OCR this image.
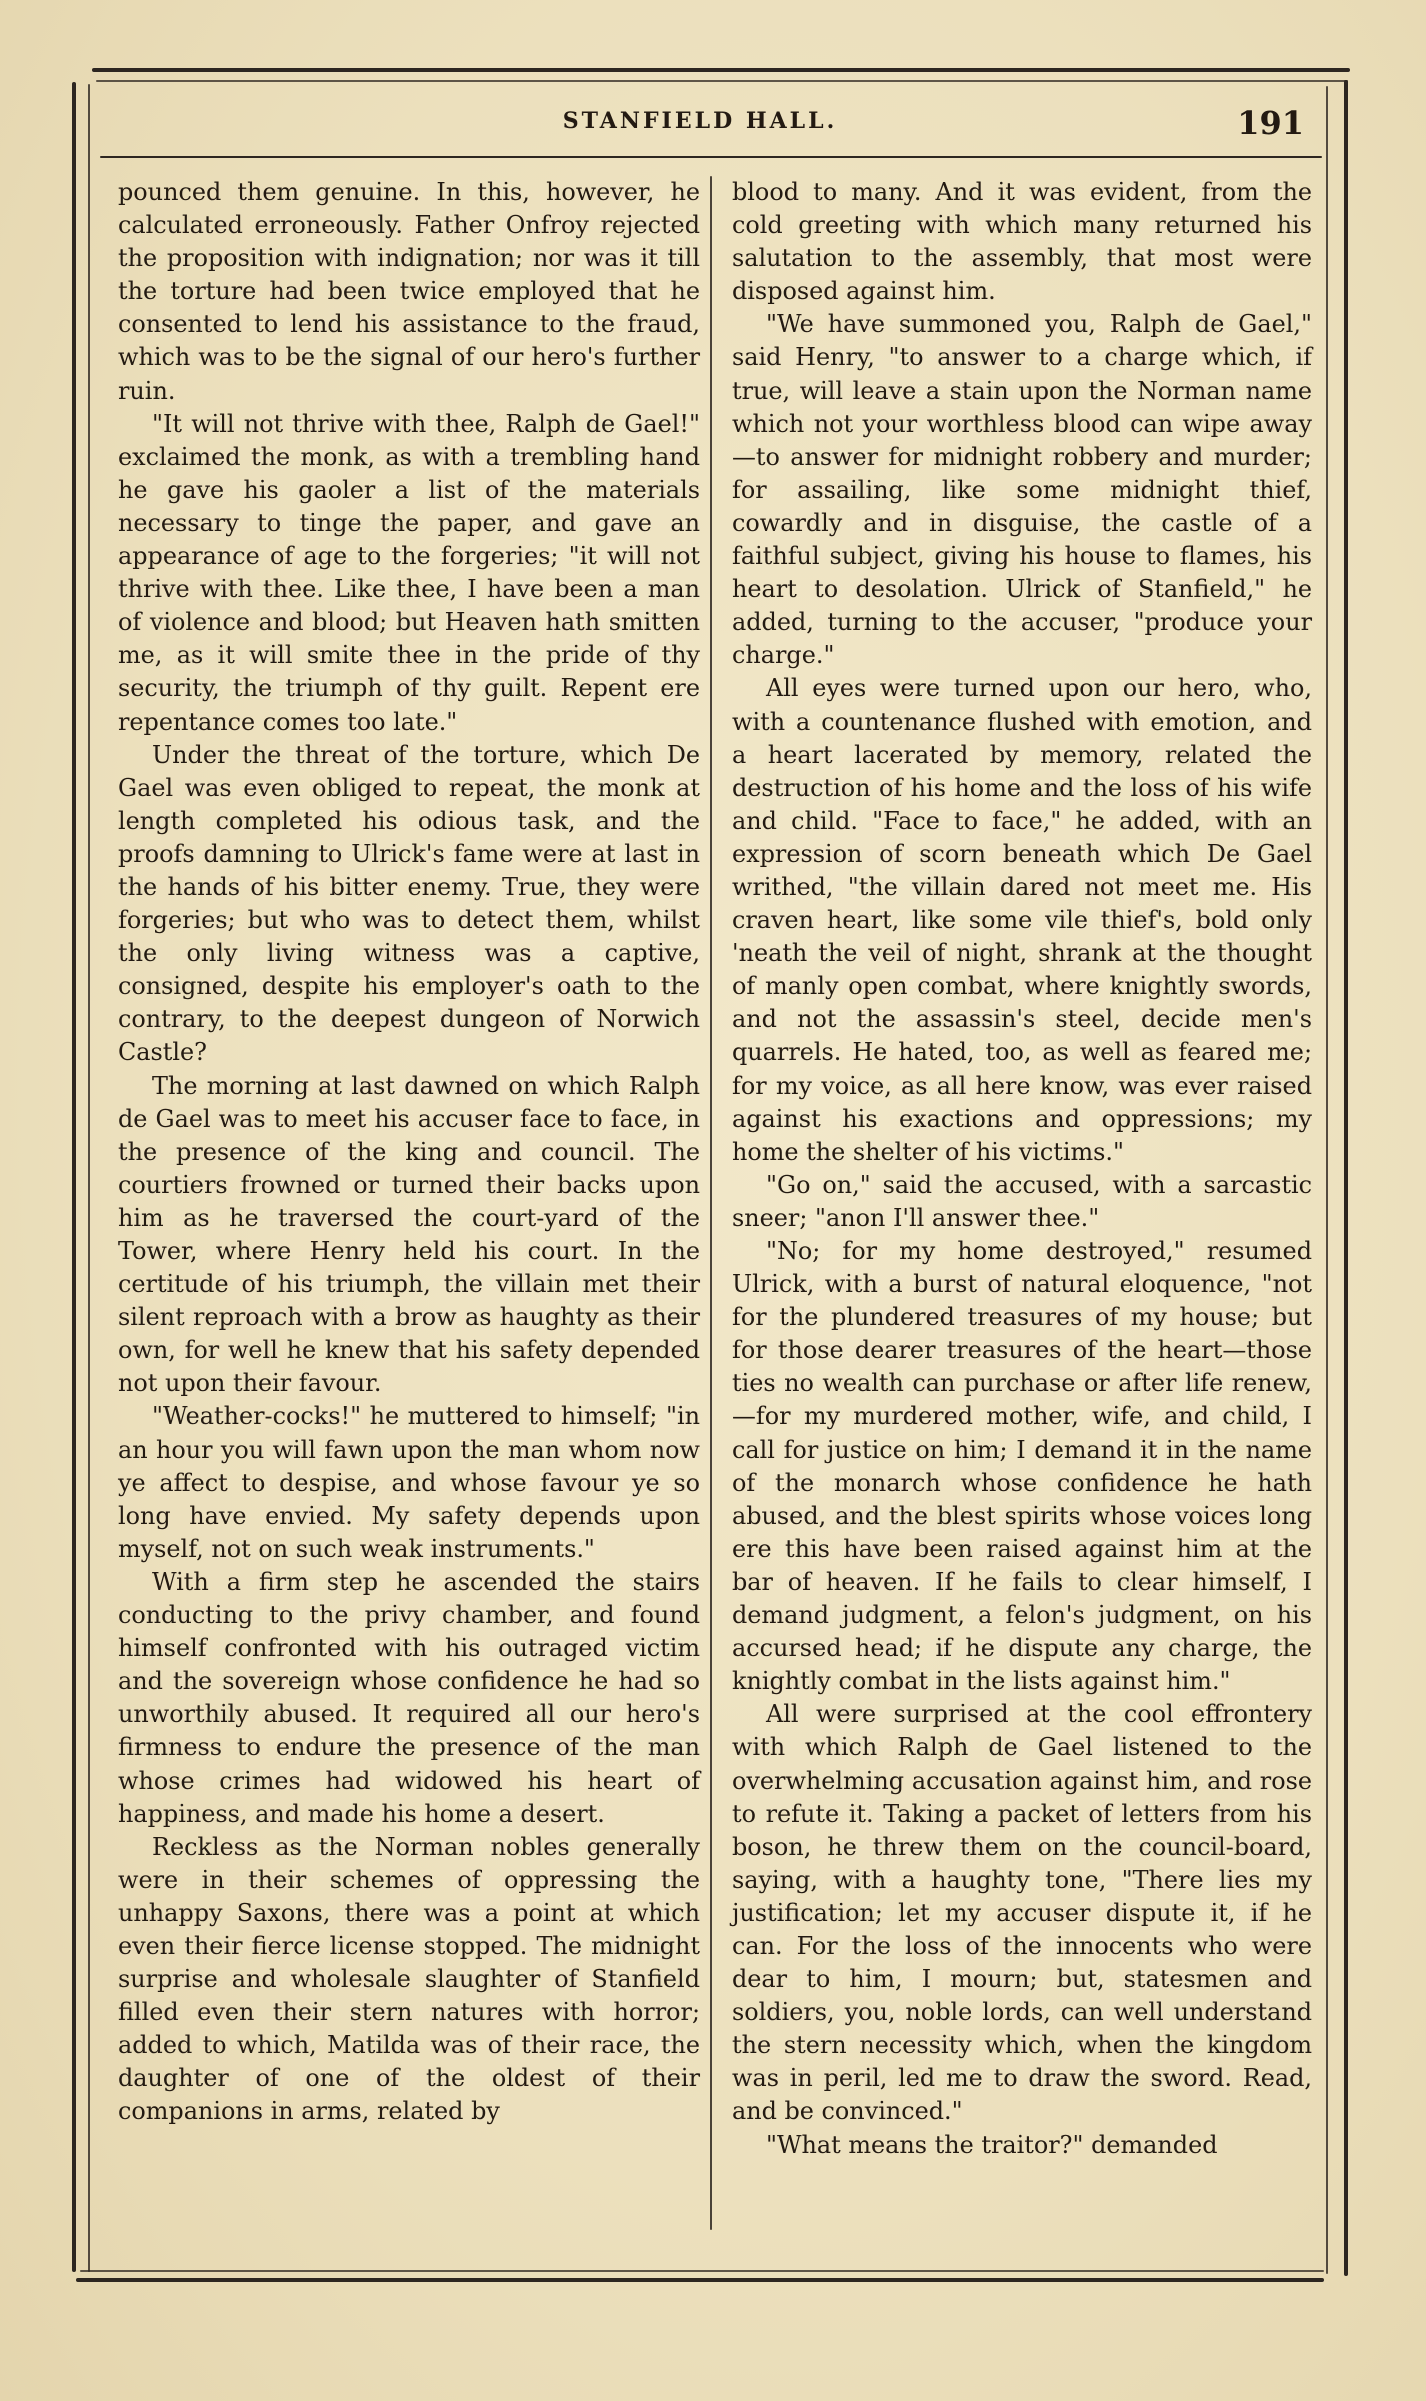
STANFIELD HALL.	191

pounced them genuine. In this, however, he calculated erroneously. Father Onfroy rejected the proposition with indignation; nor was it till the torture had been twice employed that he consented to lend his assistance to the fraud, which was to be the signal of our hero's further ruin.

"It will not thrive with thee, Ralph de Gael!" exclaimed the monk, as with a trembling hand he gave his gaoler a list of the materials necessary to tinge the paper, and gave an appearance of age to the forgeries; "it will not thrive with thee. Like thee, I have been a man of violence and blood; but Heaven hath smitten me, as it will smite thee in the pride of thy security, the triumph of thy guilt. Repent ere repentance comes too late."

Under the threat of the torture, which De Gael was even obliged to repeat, the monk at length completed his odious task, and the proofs damning to Ulrick's fame were at last in the hands of his bitter enemy. True, they were forgeries; but who was to detect them, whilst the only living witness was a captive, consigned, despite his employer's oath to the contrary, to the deepest dungeon of Norwich Castle?

The morning at last dawned on which Ralph de Gael was to meet his accuser face to face, in the presence of the king and council. The courtiers frowned or turned their backs upon him as he traversed the court-yard of the Tower, where Henry held his court. In the certitude of his triumph, the villain met their silent reproach with a brow as haughty as their own, for well he knew that his safety depended not upon their favour.

"Weather-cocks!" he muttered to himself; "in an hour you will fawn upon the man whom now ye affect to despise, and whose favour ye so long have envied. My safety depends upon myself, not on such weak instruments."

With a firm step he ascended the stairs conducting to the privy chamber, and found himself confronted with his outraged victim and the sovereign whose confidence he had so unworthily abused. It required all our hero's firmness to endure the presence of the man whose crimes had widowed his heart of happiness, and made his home a desert.

Reckless as the Norman nobles generally were in their schemes of oppressing the unhappy Saxons, there was a point at which even their fierce license stopped. The midnight surprise and wholesale slaughter of Stanfield filled even their stern natures with horror; added to which, Matilda was of their race, the daughter of one of the oldest of their companions in arms, related by

blood to many. And it was evident, from the cold greeting with which many returned his salutation to the assembly, that most were disposed against him.

"We have summoned you, Ralph de Gael," said Henry, "to answer to a charge which, if true, will leave a stain upon the Norman name which not your worthless blood can wipe away—to answer for midnight robbery and murder; for assailing, like some midnight thief, cowardly and in disguise, the castle of a faithful subject, giving his house to flames, his heart to desolation. Ulrick of Stanfield," he added, turning to the accuser, "produce your charge."

All eyes were turned upon our hero, who, with a countenance flushed with emotion, and a heart lacerated by memory, related the destruction of his home and the loss of his wife and child. "Face to face," he added, with an expression of scorn beneath which De Gael writhed, "the villain dared not meet me. His craven heart, like some vile thief's, bold only 'neath the veil of night, shrank at the thought of manly open combat, where knightly swords, and not the assassin's steel, decide men's quarrels. He hated, too, as well as feared me; for my voice, as all here know, was ever raised against his exactions and oppressions; my home the shelter of his victims."

"Go on," said the accused, with a sarcastic sneer; "anon I'll answer thee."

"No; for my home destroyed," resumed Ulrick, with a burst of natural eloquence, "not for the plundered treasures of my house; but for those dearer treasures of the heart—those ties no wealth can purchase or after life renew,—for my murdered mother, wife, and child, I call for justice on him; I demand it in the name of the monarch whose confidence he hath abused, and the blest spirits whose voices long ere this have been raised against him at the bar of heaven. If he fails to clear himself, I demand judgment, a felon's judgment, on his accursed head; if he dispute any charge, the knightly combat in the lists against him."

All were surprised at the cool effrontery with which Ralph de Gael listened to the overwhelming accusation against him, and rose to refute it. Taking a packet of letters from his boson, he threw them on the council-board, saying, with a haughty tone, "There lies my justification; let my accuser dispute it, if he can. For the loss of the innocents who were dear to him, I mourn; but, statesmen and soldiers, you, noble lords, can well understand the stern necessity which, when the kingdom was in peril, led me to draw the sword. Read, and be convinced."

"What means the traitor?" demanded
